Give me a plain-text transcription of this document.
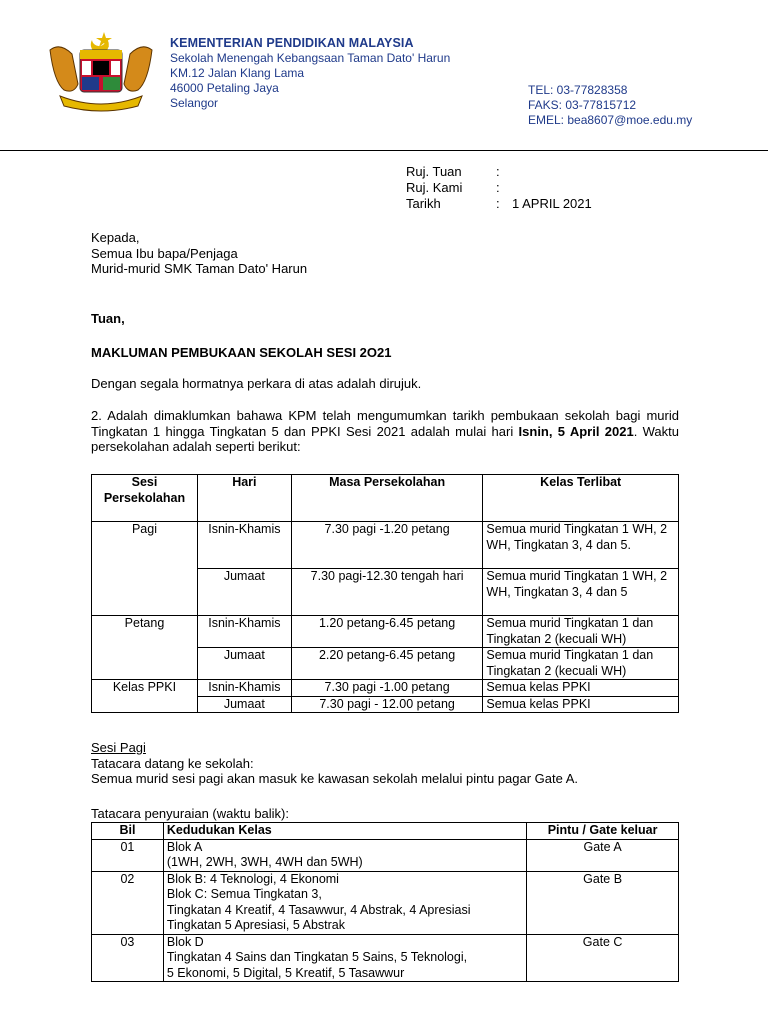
KEMENTERIAN PENDIDIKAN MALAYSIA
Sekolah Menengah Kebangsaan Taman Dato' Harun
KM.12 Jalan Klang Lama
46000 Petaling Jaya
Selangor
TEL: 03-77828358
FAKS: 03-77815712
EMEL: bea8607@moe.edu.my
Ruj. Tuan	:
Ruj. Kami	:
Tarikh	: 1 APRIL 2021
Kepada,
Semua Ibu bapa/Penjaga
Murid-murid SMK Taman Dato' Harun
Tuan,
MAKLUMAN PEMBUKAAN SEKOLAH SESI 2O21
Dengan segala hormatnya perkara di atas adalah dirujuk.
2. Adalah dimaklumkan bahawa KPM telah mengumumkan tarikh pembukaan sekolah bagi murid Tingkatan 1 hingga Tingkatan 5 dan PPKI Sesi 2021 adalah mulai hari Isnin, 5 April 2021. Waktu persekolahan adalah seperti berikut:
Sesi Persekolahan	Hari	Masa Persekolahan	Kelas Terlibat
Pagi	Isnin-Khamis	7.30 pagi -1.20 petang	Semua murid Tingkatan 1 WH, 2 WH, Tingkatan 3, 4 dan 5.
	Jumaat	7.30 pagi-12.30 tengah hari	Semua murid Tingkatan 1 WH, 2 WH, Tingkatan 3, 4 dan 5
Petang	Isnin-Khamis	1.20 petang-6.45 petang	Semua murid Tingkatan 1 dan Tingkatan 2 (kecuali WH)
	Jumaat	2.20 petang-6.45 petang	Semua murid Tingkatan 1 dan Tingkatan 2 (kecuali WH)
Kelas PPKI	Isnin-Khamis	7.30 pagi -1.00 petang	Semua kelas PPKI
	Jumaat	7.30 pagi - 12.00 petang	Semua kelas PPKI
Sesi Pagi
Tatacara datang ke sekolah:
Semua murid sesi pagi akan masuk ke kawasan sekolah melalui pintu pagar Gate A.
Tatacara penyuraian (waktu balik):
Bil	Kedudukan Kelas	Pintu / Gate keluar
01	Blok A
(1WH, 2WH, 3WH, 4WH dan 5WH)	Gate A
02	Blok B: 4 Teknologi, 4 Ekonomi
Blok C: Semua Tingkatan 3,
Tingkatan 4 Kreatif, 4 Tasawwur, 4 Abstrak, 4 Apresiasi
Tingkatan 5 Apresiasi, 5 Abstrak	Gate B
03	Blok D
Tingkatan 4 Sains dan Tingkatan 5 Sains, 5 Teknologi,
5 Ekonomi, 5 Digital, 5 Kreatif, 5 Tasawwur	Gate C
